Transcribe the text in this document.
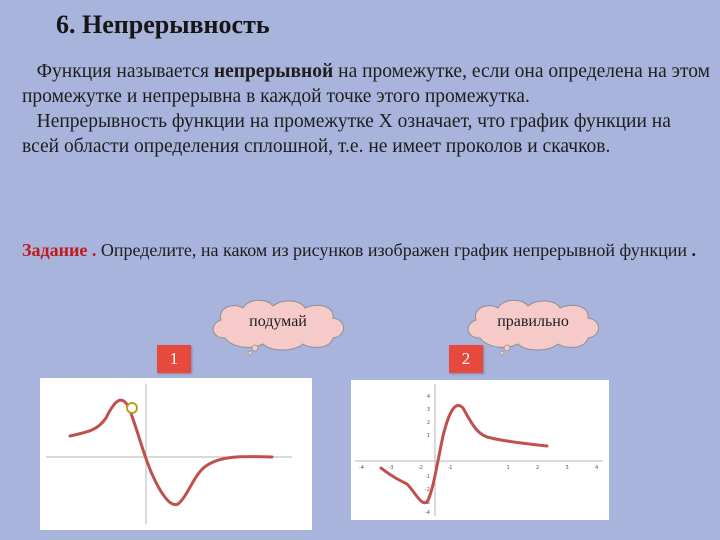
6. Непрерывность
Функция называется непрерывной на промежутке, если она определена на этом промежутке и непрерывна в каждой точке этого промежутка.
Непрерывность функции на промежутке Х означает, что график функции на всей области определения сплошной, т.е. не имеет проколов и скачков.
Задание . Определите, на каком из рисунков изображен график непрерывной функции .
подумай	правильно
1	2
-4	-3	-2	-1	1	2	3	4
4
3
2
1
-1
-2
-3
-4
